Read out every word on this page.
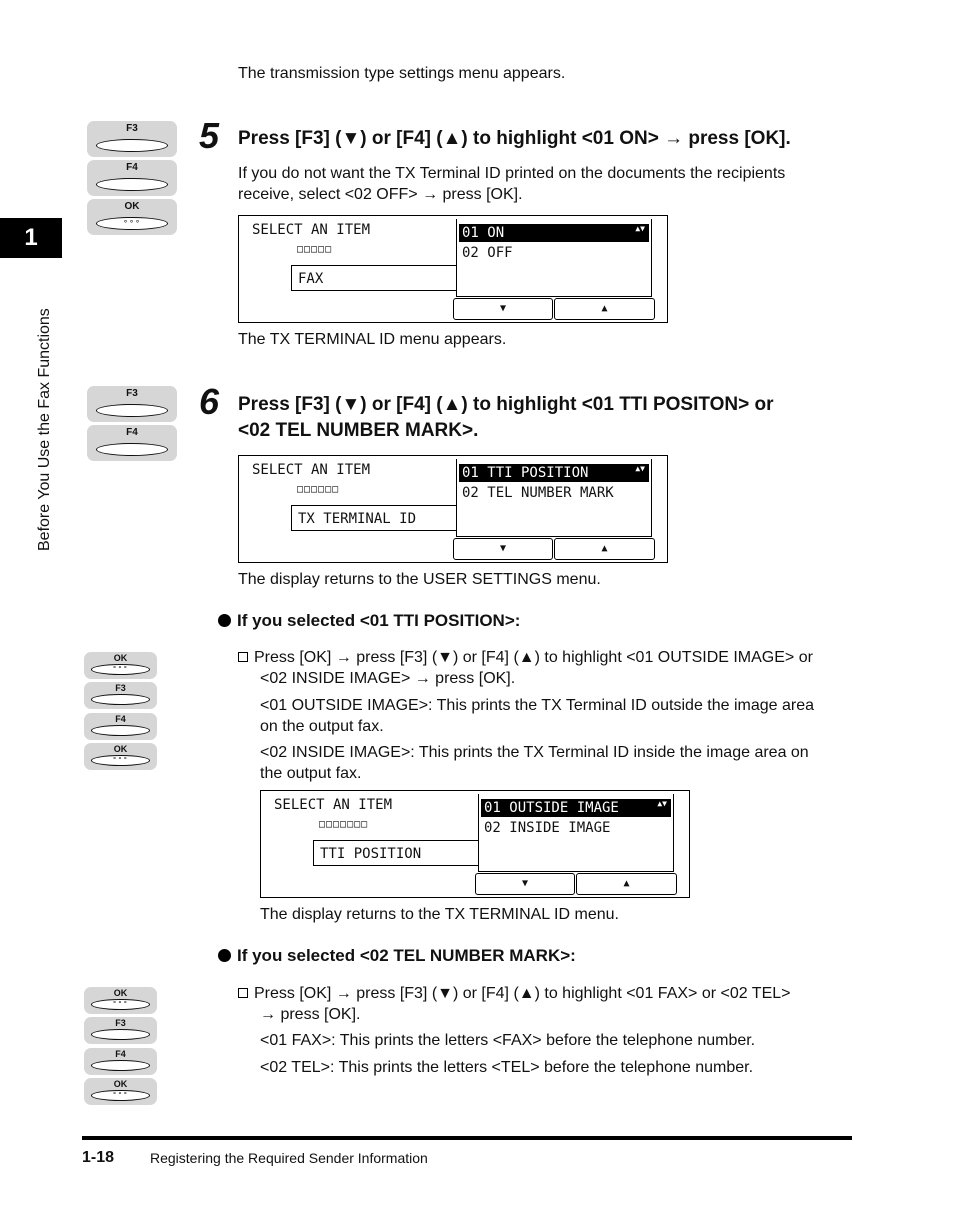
The transmission type settings menu appears.
1
Before You Use the Fax Functions
F3
F4
OK
∘∘∘
5 Press [F3] (▼) or [F4] (▲) to highlight <01 ON> → press [OK].
If you do not want the TX Terminal ID printed on the documents the recipients receive, select <02 OFF> → press [OK].
SELECT AN ITEM
□□□□□
FAX
01 ON	▲▼
02 OFF
▼	▲
The TX TERMINAL ID menu appears.
F3
F4
6 Press [F3] (▼) or [F4] (▲) to highlight <01 TTI POSITON> or
<02 TEL NUMBER MARK>.
SELECT AN ITEM
□□□□□□
TX TERMINAL ID
01 TTI POSITION	▲▼
02 TEL NUMBER MARK
▼	▲
The display returns to the USER SETTINGS menu.
If you selected <01 TTI POSITION>:
OK
∘∘∘
F3
F4
OK
∘∘∘
Press [OK] → press [F3] (▼) or [F4] (▲) to highlight <01 OUTSIDE IMAGE> or
<02 INSIDE IMAGE> → press [OK].
<01 OUTSIDE IMAGE>: This prints the TX Terminal ID outside the image area on the output fax.
<02 INSIDE IMAGE>: This prints the TX Terminal ID inside the image area on the output fax.
SELECT AN ITEM
□□□□□□□
TTI POSITION
01 OUTSIDE IMAGE	▲▼
02 INSIDE IMAGE
▼	▲
The display returns to the TX TERMINAL ID menu.
If you selected <02 TEL NUMBER MARK>:
OK
∘∘∘
F3
F4
OK
∘∘∘
Press [OK] → press [F3] (▼) or [F4] (▲) to highlight <01 FAX> or <02 TEL>
→ press [OK].
<01 FAX>: This prints the letters <FAX> before the telephone number.
<02 TEL>: This prints the letters <TEL> before the telephone number.
1-18	Registering the Required Sender Information
